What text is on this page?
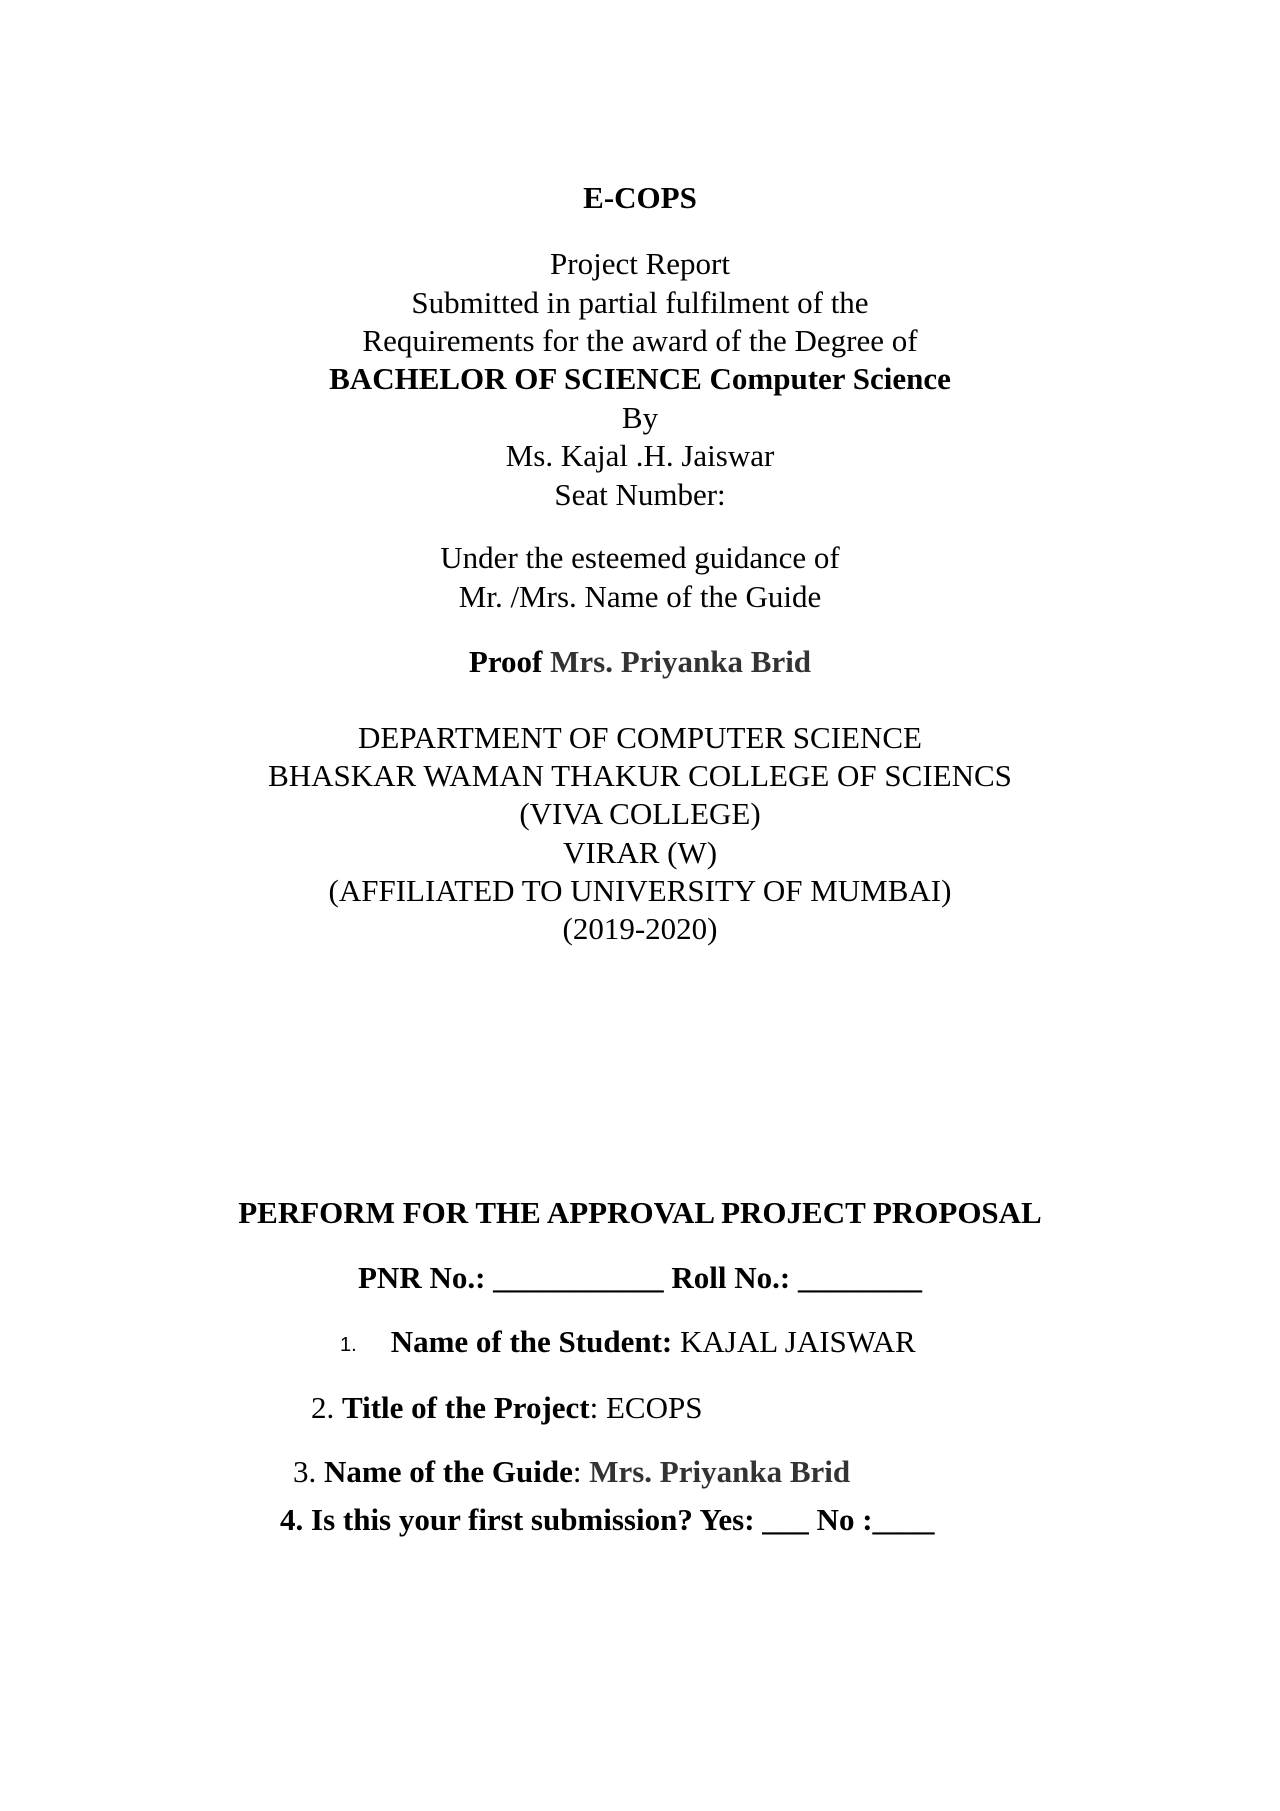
E-COPS
Project Report
Submitted in partial fulfilment of the
Requirements for the award of the Degree of
BACHELOR OF SCIENCE Computer Science
By
Ms. Kajal .H. Jaiswar
Seat Number:
Under the esteemed guidance of
Mr. /Mrs. Name of the Guide
Proof Mrs. Priyanka Brid
DEPARTMENT OF COMPUTER SCIENCE
BHASKAR WAMAN THAKUR COLLEGE OF SCIENCS
(VIVA COLLEGE)
VIRAR (W)
(AFFILIATED TO UNIVERSITY OF MUMBAI)
(2019-2020)
PERFORM FOR THE APPROVAL PROJECT PROPOSAL
PNR No.: ___________ Roll No.: ________
1. Name of the Student: KAJAL JAISWAR
2. Title of the Project: ECOPS
3. Name of the Guide: Mrs. Priyanka Brid
4. Is this your first submission? Yes: ___ No :____
